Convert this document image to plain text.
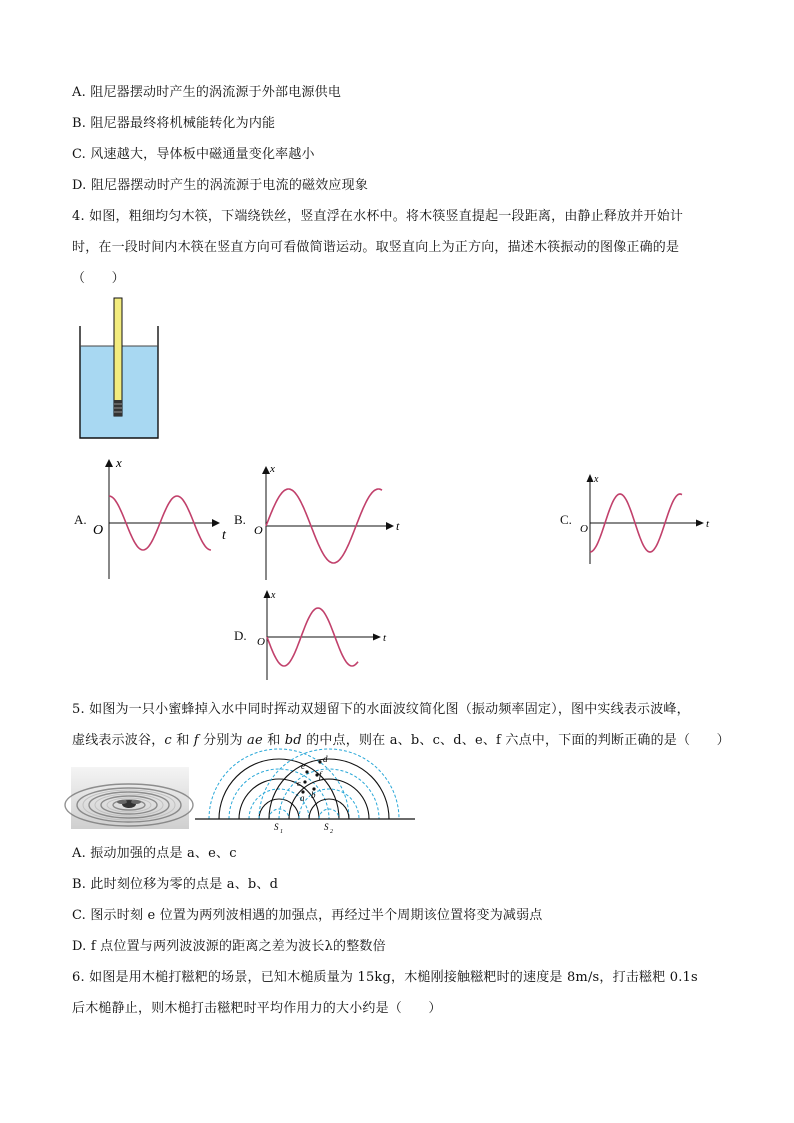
A. 阻尼器摆动时产生的涡流源于外部电源供电
B. 阻尼器最终将机械能转化为内能
C. 风速越大，导体板中磁通量变化率越小
D. 阻尼器摆动时产生的涡流源于电流的磁效应现象
4. 如图，粗细均匀木筷，下端绕铁丝，竖直浮在水杯中。将木筷竖直提起一段距离，由静止释放并开始计
时，在一段时间内木筷在竖直方向可看做简谐运动。取竖直向上为正方向，描述木筷振动的图像正确的是
（　　）
A.
x
t
O
B.
x
t
O
C.
x
t
O
D.
x
t
O
5. 如图为一只小蜜蜂掉入水中同时挥动双翅留下的水面波纹简化图（振动频率固定），图中实线表示波峰，
虚线表示波谷，c 和 f 分别为 ae 和 bd 的中点，则在 a、b、c、d、e、f 六点中，下面的判断正确的是（　　）
S 1	S 2
a b
c
d
e
f
A. 振动加强的点是 a、e、c
B. 此时刻位移为零的点是 a、b、d
C. 图示时刻 e 位置为两列波相遇的加强点，再经过半个周期该位置将变为减弱点
D. f 点位置与两列波波源的距离之差为波长λ的整数倍
6. 如图是用木槌打糍粑的场景，已知木槌质量为 15kg，木槌刚接触糍粑时的速度是 8m/s，打击糍粑 0.1s
后木槌静止，则木槌打击糍粑时平均作用力的大小约是（　　）
